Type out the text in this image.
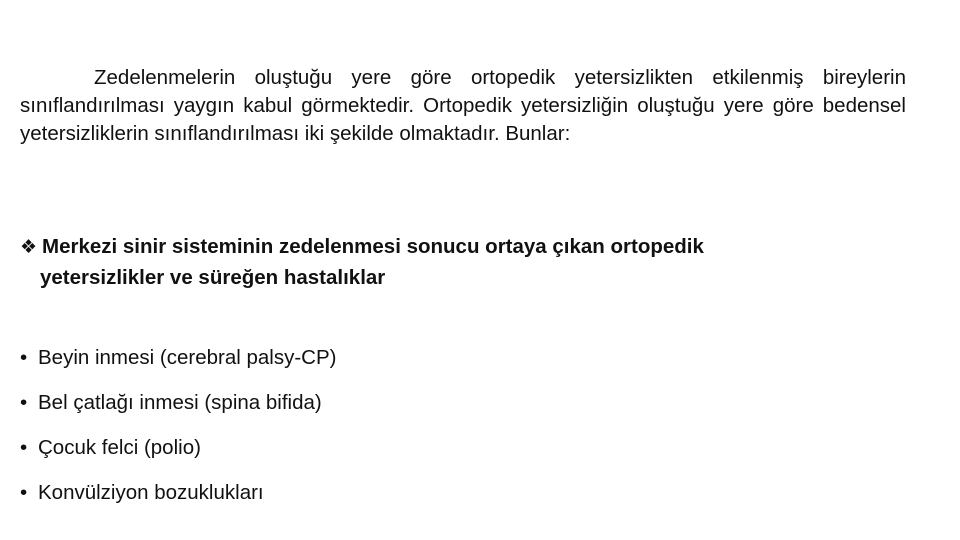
Zedelenmelerin oluştuğu yere göre ortopedik yetersizlikten etkilenmiş bireylerin sınıflandırılması yaygın kabul görmektedir. Ortopedik yetersizliğin oluştuğu yere göre bedensel yetersizliklerin sınıflandırılması iki şekilde olmaktadır. Bunlar:

❖ Merkezi sinir sisteminin zedelenmesi sonucu ortaya çıkan ortopedik
yetersizlikler ve süreğen hastalıklar
• Beyin inmesi (cerebral palsy-CP)
• Bel çatlağı inmesi (spina bifida)
• Çocuk felci (polio)
• Konvülziyon bozuklukları
